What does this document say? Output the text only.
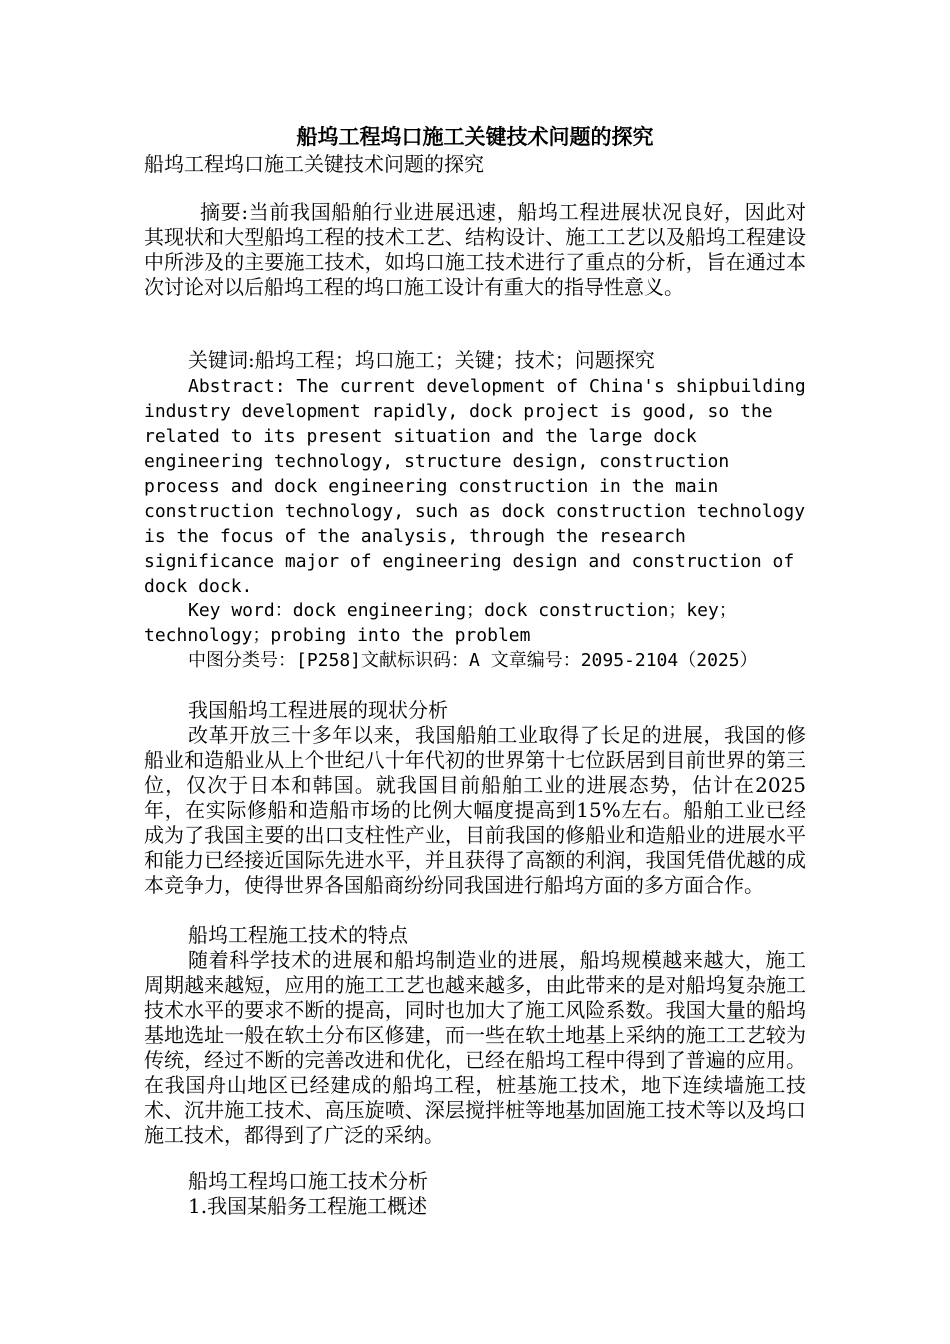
船坞工程坞口施工关键技术问题的探究
船坞工程坞口施工关键技术问题的探究

摘要:当前我国船舶行业进展迅速，船坞工程进展状况良好，因此对其现状和大型船坞工程的技术工艺、结构设计、施工工艺以及船坞工程建设中所涉及的主要施工技术，如坞口施工技术进行了重点的分析，旨在通过本次讨论对以后船坞工程的坞口施工设计有重大的指导性意义。

关键词:船坞工程；坞口施工；关键；技术；问题探究

Abstract: The current development of China's shipbuilding industry development rapidly, dock project is good, so the related to its present situation and the large dock engineering technology, structure design, construction process and dock engineering construction in the main construction technology, such as dock construction technology is the focus of the analysis, through the research significance major of engineering design and construction of dock dock.

Key word：dock engineering；dock construction；key；technology；probing into the problem

中图分类号：[P258]文献标识码：A 文章编号：2095-2104（2025）

我国船坞工程进展的现状分析

改革开放三十多年以来，我国船舶工业取得了长足的进展，我国的修船业和造船业从上个世纪八十年代初的世界第十七位跃居到目前世界的第三位，仅次于日本和韩国。就我国目前船舶工业的进展态势，估计在2025年，在实际修船和造船市场的比例大幅度提高到15%左右。船舶工业已经成为了我国主要的出口支柱性产业，目前我国的修船业和造船业的进展水平和能力已经接近国际先进水平，并且获得了高额的利润，我国凭借优越的成本竞争力，使得世界各国船商纷纷同我国进行船坞方面的多方面合作。

船坞工程施工技术的特点

随着科学技术的进展和船坞制造业的进展，船坞规模越来越大，施工周期越来越短，应用的施工工艺也越来越多，由此带来的是对船坞复杂施工技术水平的要求不断的提高，同时也加大了施工风险系数。我国大量的船坞基地选址一般在软土分布区修建，而一些在软土地基上采纳的施工工艺较为传统，经过不断的完善改进和优化，已经在船坞工程中得到了普遍的应用。在我国舟山地区已经建成的船坞工程，桩基施工技术，地下连续墙施工技术、沉井施工技术、高压旋喷、深层搅拌桩等地基加固施工技术等以及坞口施工技术，都得到了广泛的采纳。

船坞工程坞口施工技术分析

1.我国某船务工程施工概述
